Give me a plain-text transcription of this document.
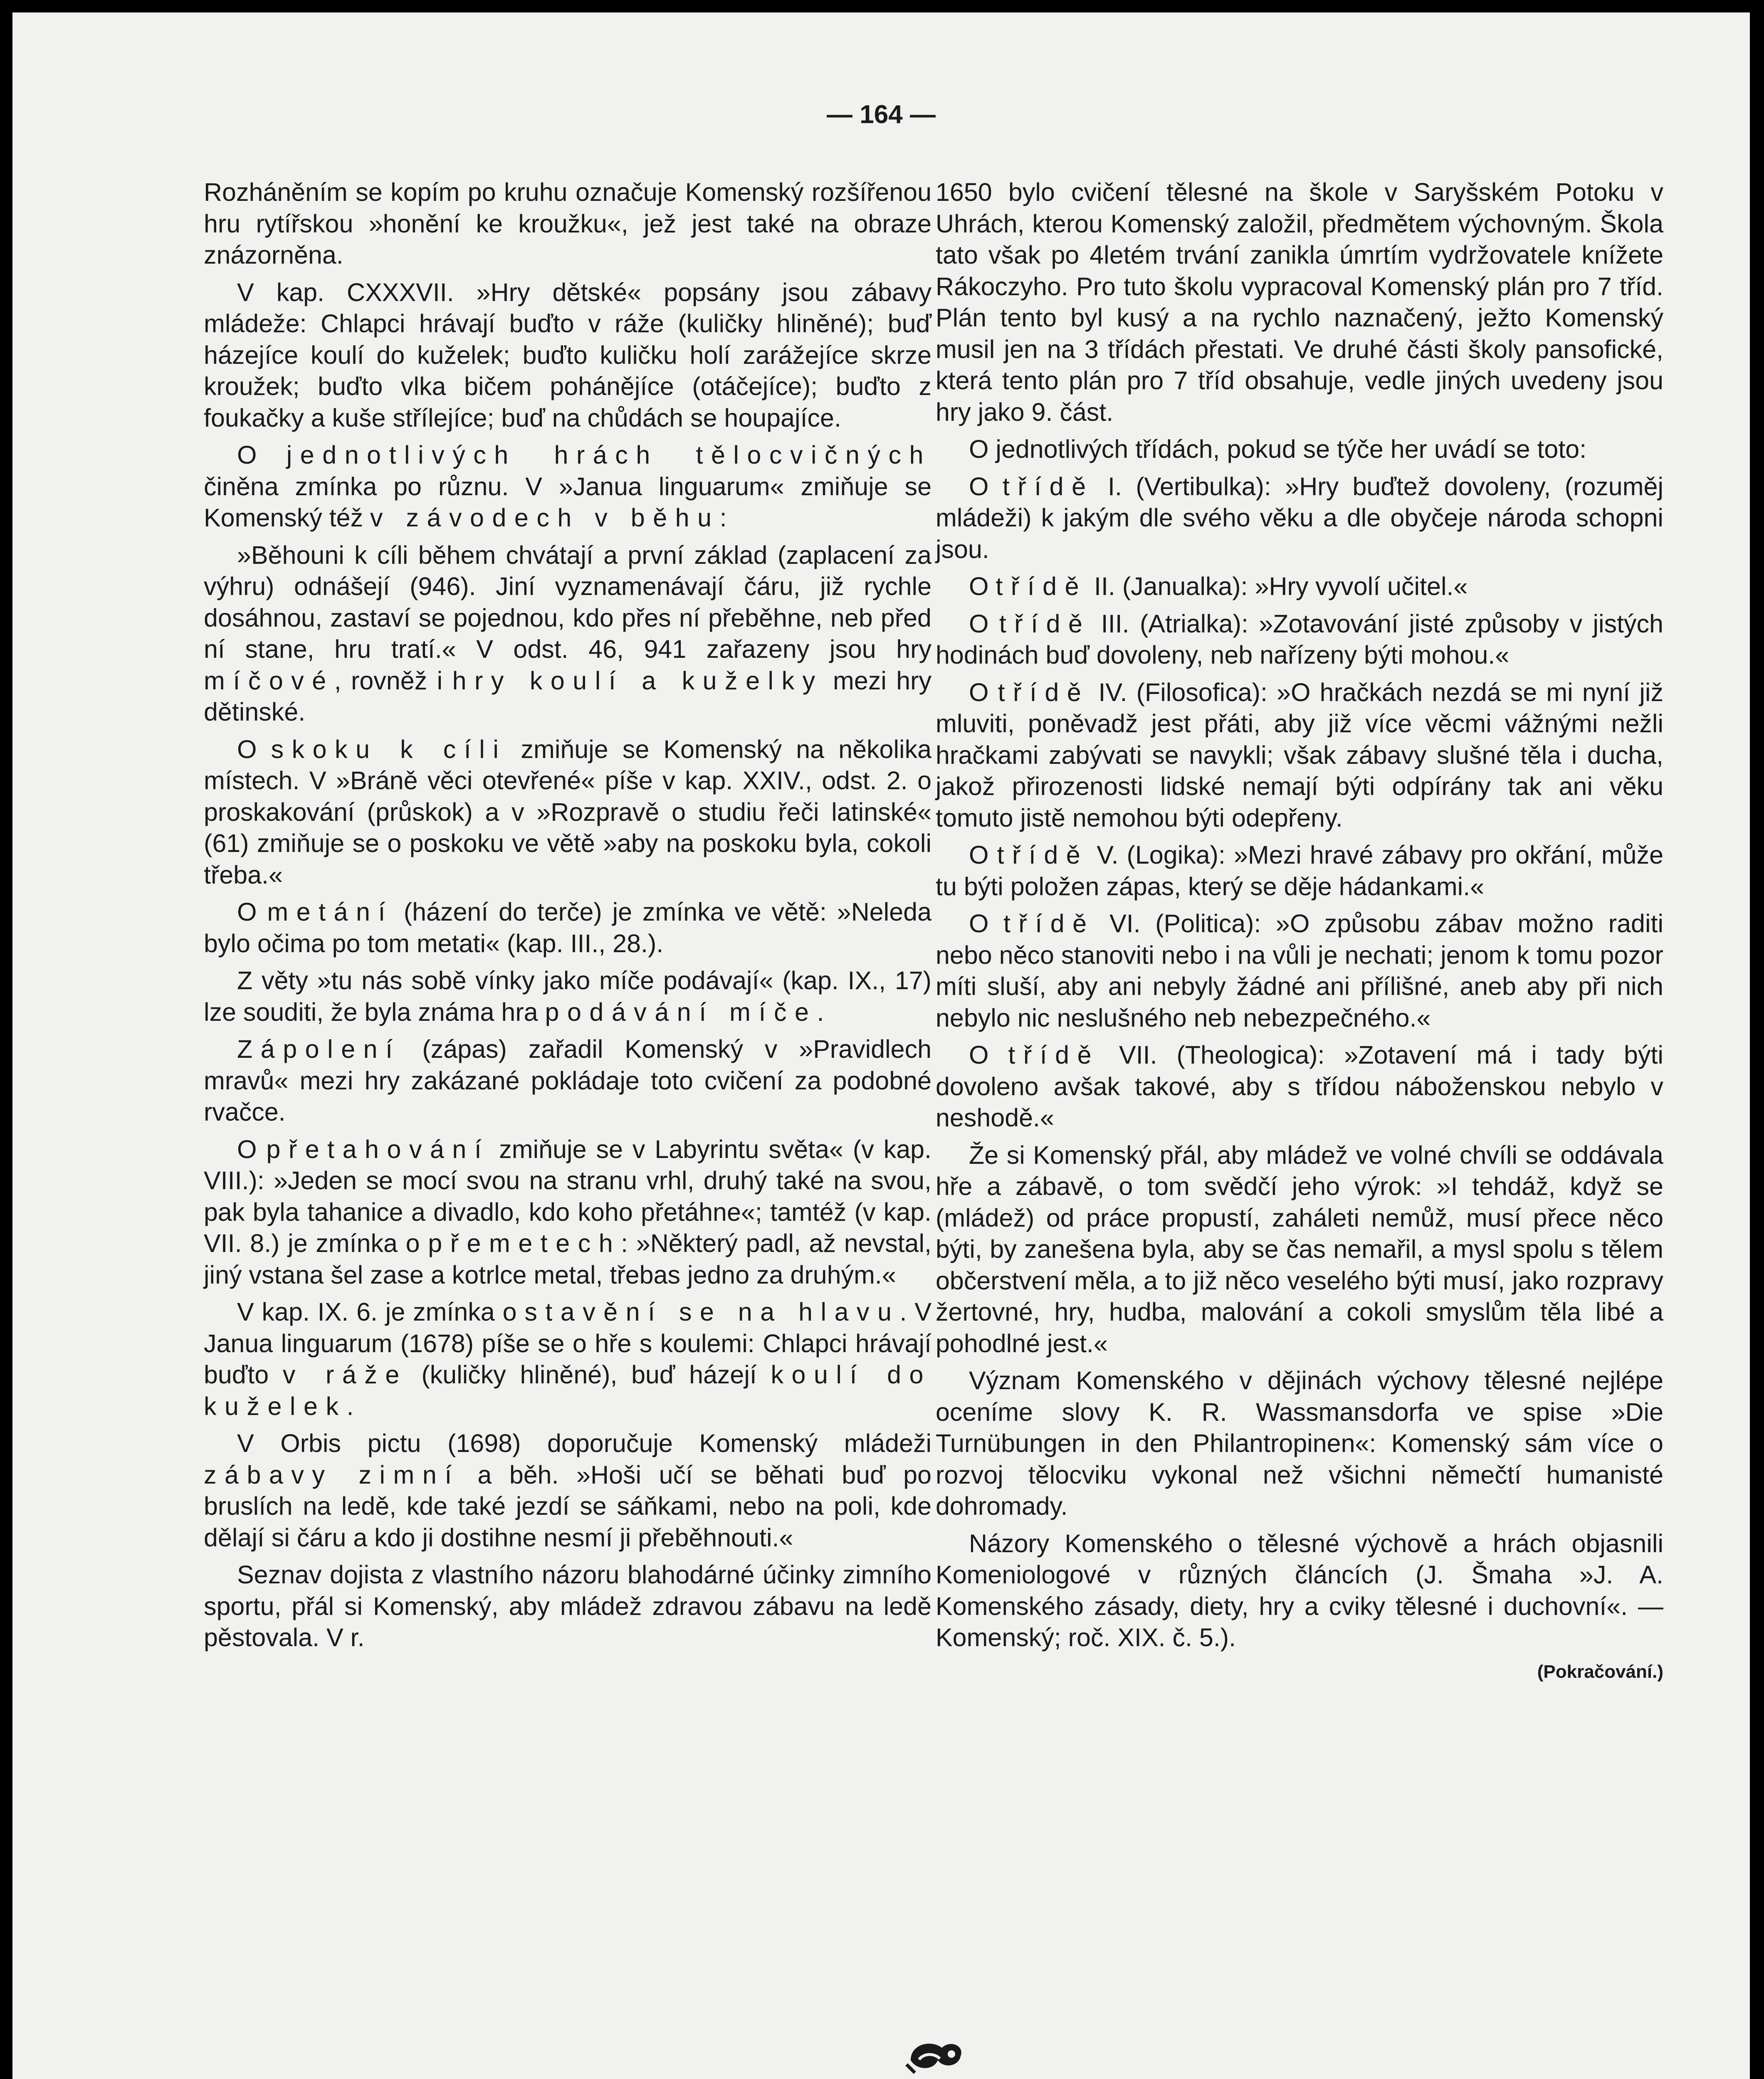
— 164 —

Rozháněním se kopím po kruhu označuje Komenský rozšířenou hru rytířskou »honění ke kroužku«, jež jest také na obraze znázorněna.

V kap. CXXXVII. »Hry dětské« popsány jsou zábavy mládeže: Chlapci hrávají buďto v ráže (kuličky hliněné); buď házejíce koulí do kuželek; buďto kuličku holí zarážejíce skrze kroužek; buďto vlka bičem pohánějíce (otáčejíce); buďto z foukačky a kuše střílejíce; buď na chůdách se houpajíce.

O jednotlivých hrách tělocvičných činěna zmínka po různu. V »Janua linguarum« zmiňuje se Komenský též v závodech v běhu:

»Běhouni k cíli během chvátají a první základ (zaplacení za výhru) odnášejí (946). Jiní vyznamenávají čáru, již rychle dosáhnou, zastaví se pojednou, kdo přes ní přeběhne, neb před ní stane, hru tratí.« V odst. 46, 941 zařazeny jsou hry míčové, rovněž i hry koulí a kuželky mezi hry dětinské.

O skoku k cíli zmiňuje se Komenský na několika místech. V »Bráně věci otevřené« píše v kap. XXIV., odst. 2. o proskakování (průskok) a v »Rozpravě o studiu řeči latinské« (61) zmiňuje se o poskoku ve větě »aby na poskoku byla, cokoli třeba.«

O metání (házení do terče) je zmínka ve větě: »Neleda bylo očima po tom metati« (kap. III., 28.).

Z věty »tu nás sobě vínky jako míče podávají« (kap. IX., 17) lze souditi, že byla známa hra podávání míče.

Zápolení (zápas) zařadil Komenský v »Pravidlech mravů« mezi hry zakázané pokládaje toto cvičení za podobné rvačce.

O přetahování zmiňuje se v Labyrintu světa« (v kap. VIII.): »Jeden se mocí svou na stranu vrhl, druhý také na svou, pak byla tahanice a divadlo, kdo koho přetáhne«; tamtéž (v kap. VII. 8.) je zmínka o přemetech: »Některý padl, až nevstal, jiný vstana šel zase a kotrlce metal, třebas jedno za druhým.«

V kap. IX. 6. je zmínka o stavění se na hlavu. V Janua linguarum (1678) píše se o hře s koulemi: Chlapci hrávají buďto v ráže (kuličky hliněné), buď házejí koulí do kuželek.

V Orbis pictu (1698) doporučuje Komenský mládeži zábavy zimní a běh. »Hoši učí se běhati buď po bruslích na ledě, kde také jezdí se sáňkami, nebo na poli, kde dělají si čáru a kdo ji dostihne nesmí ji přeběhnouti.«

Seznav dojista z vlastního názoru blahodárné účinky zimního sportu, přál si Komenský, aby mládež zdravou zábavu na ledě pěstovala. V r.

1650 bylo cvičení tělesné na škole v Saryšském Potoku v Uhrách, kterou Komenský založil, předmětem výchovným. Škola tato však po 4letém trvání zanikla úmrtím vydržovatele knížete Rákoczyho. Pro tuto školu vypracoval Komenský plán pro 7 tříd. Plán tento byl kusý a na rychlo naznačený, ježto Komenský musil jen na 3 třídách přestati. Ve druhé části školy pansofické, která tento plán pro 7 tříd obsahuje, vedle jiných uvedeny jsou hry jako 9. část.

O jednotlivých třídách, pokud se týče her uvádí se toto:

O třídě I. (Vertibulka): »Hry buďtež dovoleny, (rozuměj mládeži) k jakým dle svého věku a dle obyčeje národa schopni jsou.

O třídě II. (Janualka): »Hry vyvolí učitel.«

O třídě III. (Atrialka): »Zotavování jisté způsoby v jistých hodinách buď dovoleny, neb nařízeny býti mohou.«

O třídě IV. (Filosofica): »O hračkách nezdá se mi nyní již mluviti, poněvadž jest přáti, aby již více věcmi vážnými nežli hračkami zabývati se navykli; však zábavy slušné těla i ducha, jakož přirozenosti lidské nemají býti odpírány tak ani věku tomuto jistě nemohou býti odepřeny.

O třídě V. (Logika): »Mezi hravé zábavy pro okřání, může tu býti položen zápas, který se děje hádankami.«

O třídě VI. (Politica): »O způsobu zábav možno raditi nebo něco stanoviti nebo i na vůli je nechati; jenom k tomu pozor míti sluší, aby ani nebyly žádné ani přílišné, aneb aby při nich nebylo nic neslušného neb nebezpečného.«

O třídě VII. (Theologica): »Zotavení má i tady býti dovoleno avšak takové, aby s třídou náboženskou nebylo v neshodě.«

Že si Komenský přál, aby mládež ve volné chvíli se oddávala hře a zábavě, o tom svědčí jeho výrok: »I tehdáž, když se (mládež) od práce propustí, zaháleti nemůž, musí přece něco býti, by zanešena byla, aby se čas nemařil, a mysl spolu s tělem občerstvení měla, a to již něco veselého býti musí, jako rozpravy žertovné, hry, hudba, malování a cokoli smyslům těla libé a pohodlné jest.«

Význam Komenského v dějinách výchovy tělesné nejlépe oceníme slovy K. R. Wassmansdorfa ve spise »Die Turnübungen in den Philantropinen«: Komenský sám více o rozvoj tělocviku vykonal než všichni němečtí humanisté dohromady.

Názory Komenského o tělesné výchově a hrách objasnili Komeniologové v různých článcích (J. Šmaha »J. A. Komenského zásady, diety, hry a cviky tělesné i duchovní«. — Komenský; roč. XIX. č. 5.).

(Pokračování.)
